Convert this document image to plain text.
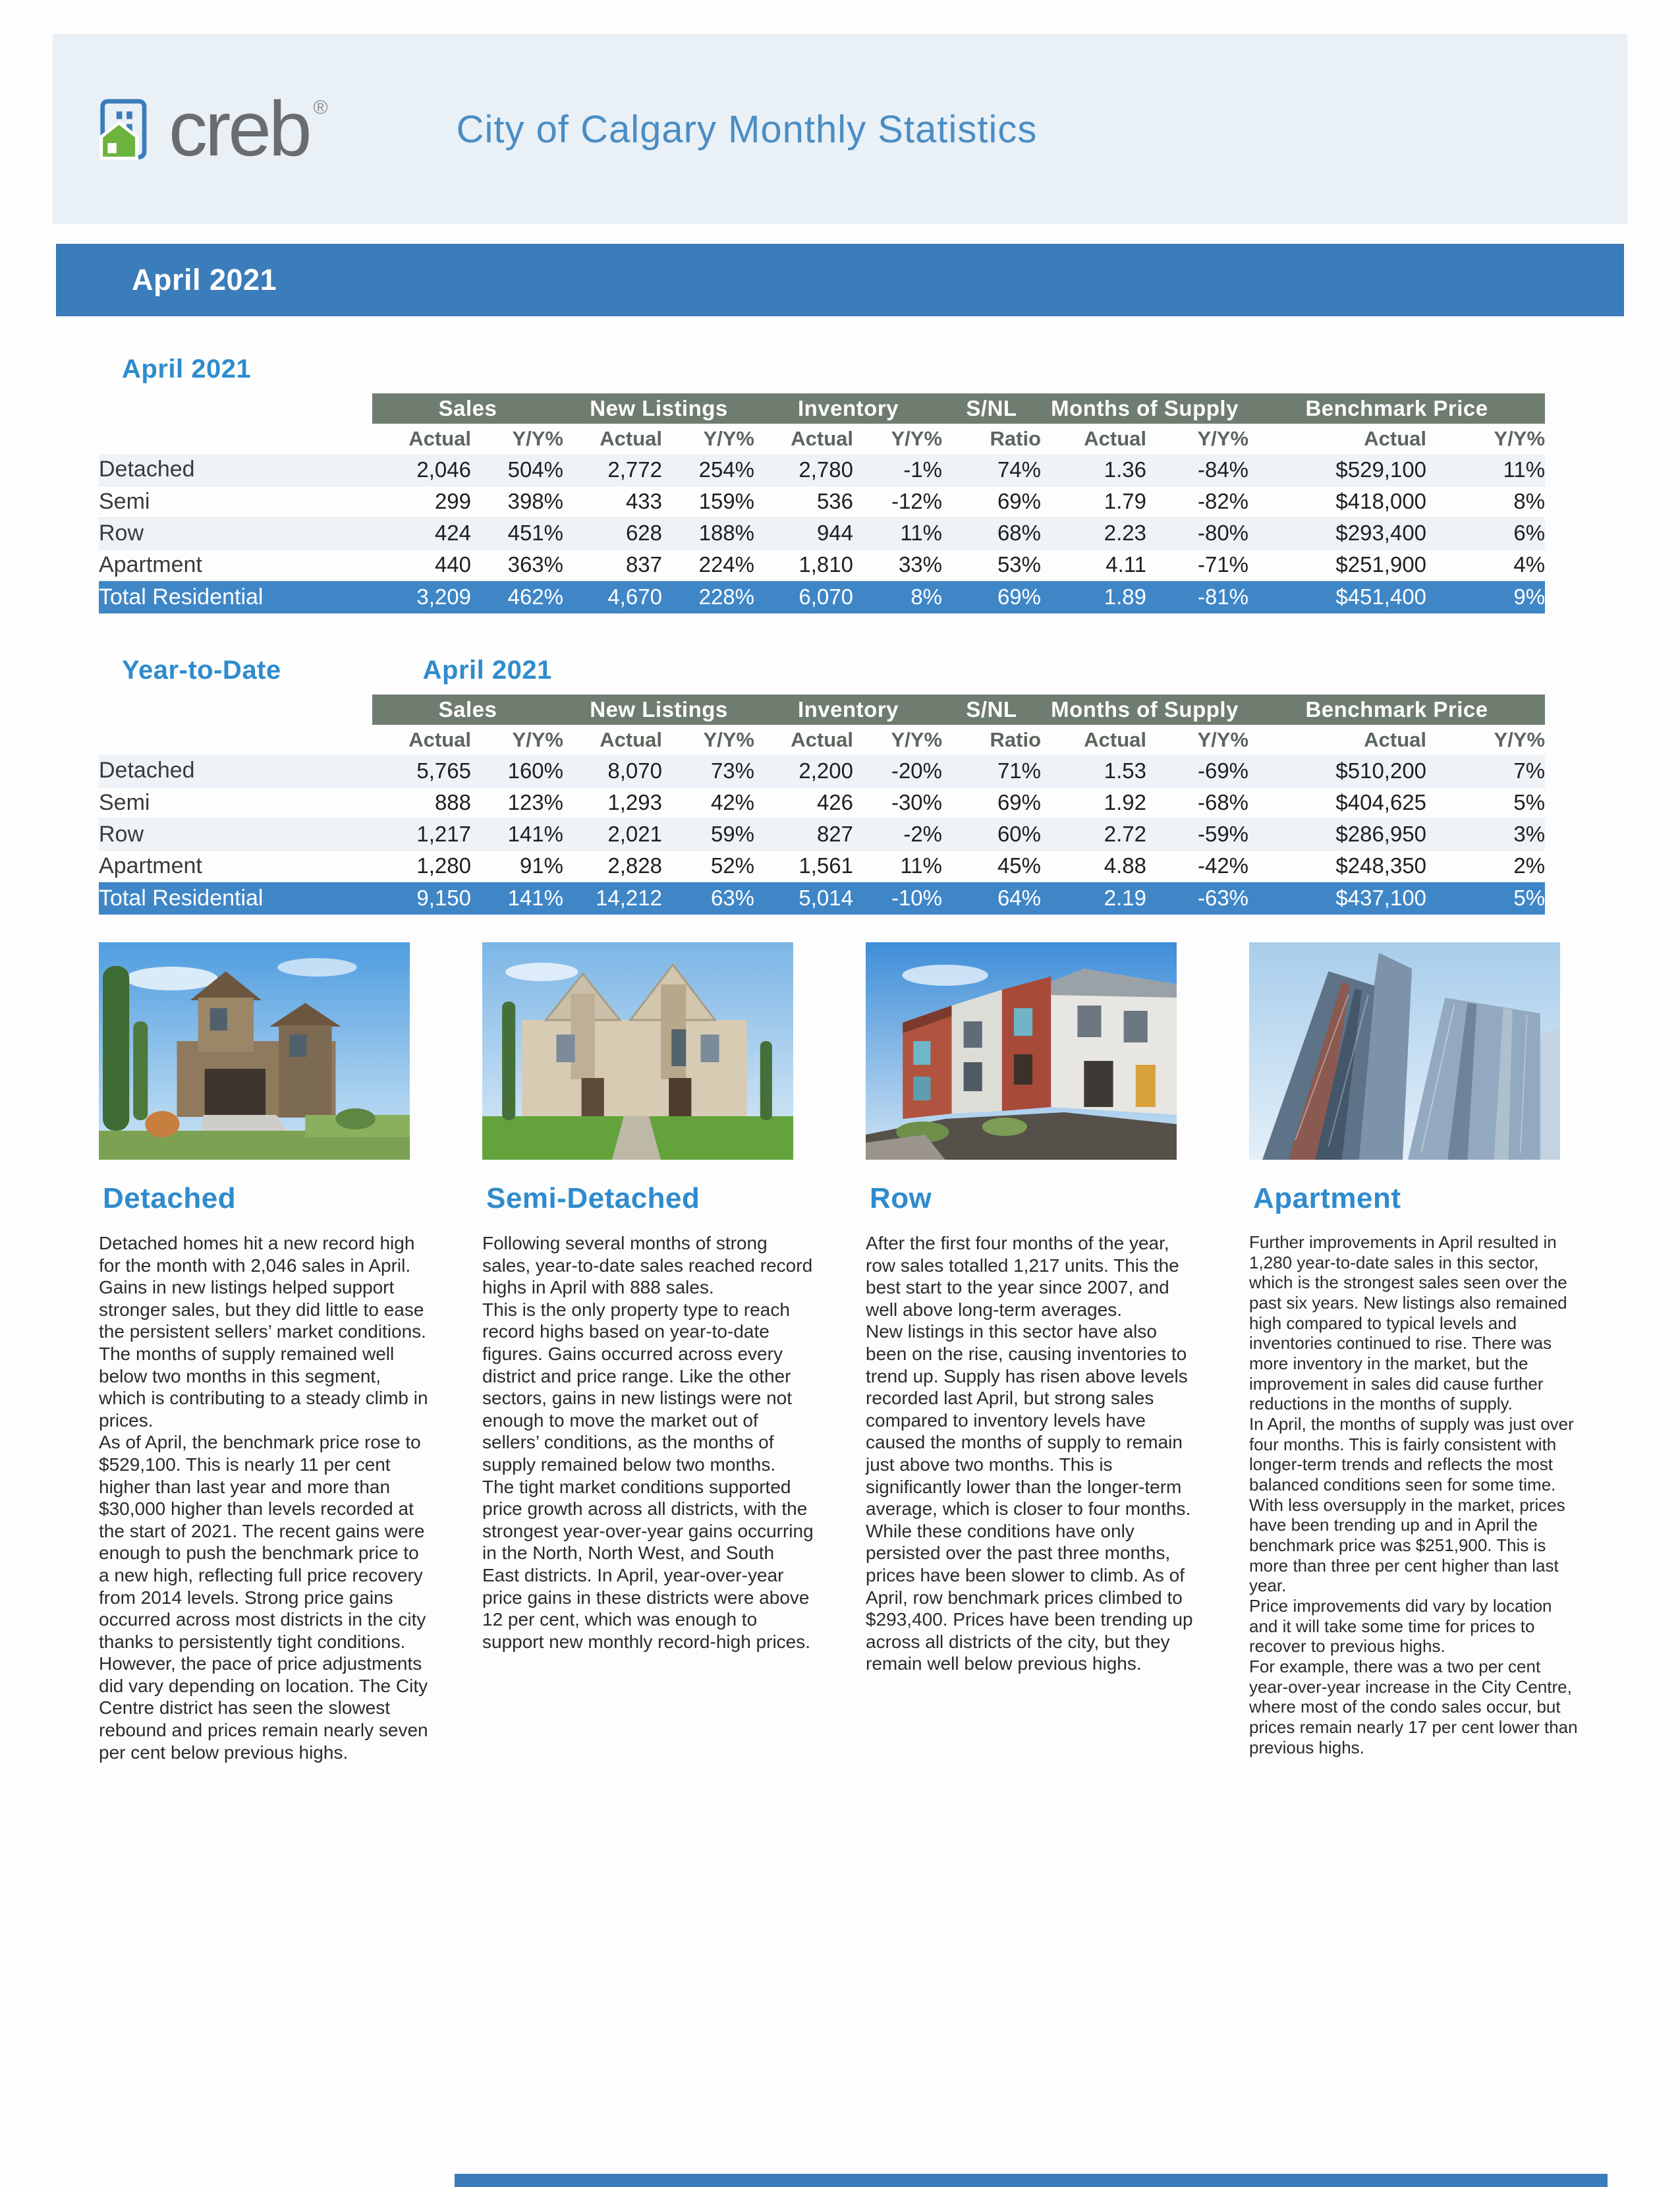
creb ®	City of Calgary Monthly Statistics
April 2021
April 2021
	Sales		New Listings		Inventory		S/NL	Months of Supply		Benchmark Price	
	Actual	Y/Y%	Actual	Y/Y%	Actual	Y/Y%	Ratio	Actual	Y/Y%	Actual	Y/Y%
Detached	2,046	504%	2,772	254%	2,780	-1%	74%	1.36	-84%	$529,100	11%
Semi	299	398%	433	159%	536	-12%	69%	1.79	-82%	$418,000	8%
Row	424	451%	628	188%	944	11%	68%	2.23	-80%	$293,400	6%
Apartment	440	363%	837	224%	1,810	33%	53%	4.11	-71%	$251,900	4%
Total Residential	3,209	462%	4,670	228%	6,070	8%	69%	1.89	-81%	$451,400	9%
Year-to-Date	April 2021
	Sales		New Listings		Inventory		S/NL	Months of Supply		Benchmark Price	
	Actual	Y/Y%	Actual	Y/Y%	Actual	Y/Y%	Ratio	Actual	Y/Y%	Actual	Y/Y%
Detached	5,765	160%	8,070	73%	2,200	-20%	71%	1.53	-69%	$510,200	7%
Semi	888	123%	1,293	42%	426	-30%	69%	1.92	-68%	$404,625	5%
Row	1,217	141%	2,021	59%	827	-2%	60%	2.72	-59%	$286,950	3%
Apartment	1,280	91%	2,828	52%	1,561	11%	45%	4.88	-42%	$248,350	2%
Total Residential	9,150	141%	14,212	63%	5,014	-10%	64%	2.19	-63%	$437,100	5%
Detached

Detached homes hit a new record high for the month with 2,046 sales in April.

Gains in new listings helped support stronger sales, but they did little to ease the persistent sellers’ market conditions. The months of supply remained well below two months in this segment, which is contributing to a steady climb in prices.

As of April, the benchmark price rose to $529,100. This is nearly 11 per cent higher than last year and more than $30,000 higher than levels recorded at the start of 2021. The recent gains were enough to push the benchmark price to a new high, reflecting full price recovery from 2014 levels. Strong price gains occurred across most districts in the city thanks to persistently tight conditions. However, the pace of price adjustments did vary depending on location. The City Centre district has seen the slowest rebound and prices remain nearly seven per cent below previous highs.

Semi-Detached

Following several months of strong sales, year-to-date sales reached record highs in April with 888 sales.

This is the only property type to reach record highs based on year-to-date figures. Gains occurred across every district and price range. Like the other sectors, gains in new listings were not enough to move the market out of sellers’ conditions, as the months of supply remained below two months.

The tight market conditions supported price growth across all districts, with the strongest year-over-year gains occurring in the North, North West, and South East districts. In April, year-over-year price gains in these districts were above 12 per cent, which was enough to support new monthly record-high prices.

Row

After the first four months of the year, row sales totalled 1,217 units. This the best start to the year since 2007, and well above long-term averages.

New listings in this sector have also been on the rise, causing inventories to trend up. Supply has risen above levels recorded last April, but strong sales compared to inventory levels have caused the months of supply to remain just above two months. This is significantly lower than the longer-term average, which is closer to four months.

While these conditions have only persisted over the past three months, prices have been slower to climb. As of April, row benchmark prices climbed to $293,400. Prices have been trending up across all districts of the city, but they remain well below previous highs.

Apartment

Further improvements in April resulted in 1,280 year-to-date sales in this sector, which is the strongest sales seen over the past six years. New listings also remained high compared to typical levels and inventories continued to rise. There was more inventory in the market, but the improvement in sales did cause further reductions in the months of supply.

In April, the months of supply was just over four months. This is fairly consistent with longer-term trends and reflects the most balanced conditions seen for some time. With less oversupply in the market, prices have been trending up and in April the benchmark price was $251,900. This is more than three per cent higher than last year.

Price improvements did vary by location and it will take some time for prices to recover to previous highs.

For example, there was a two per cent year-over-year increase in the City Centre, where most of the condo sales occur, but prices remain nearly 17 per cent lower than previous highs.
